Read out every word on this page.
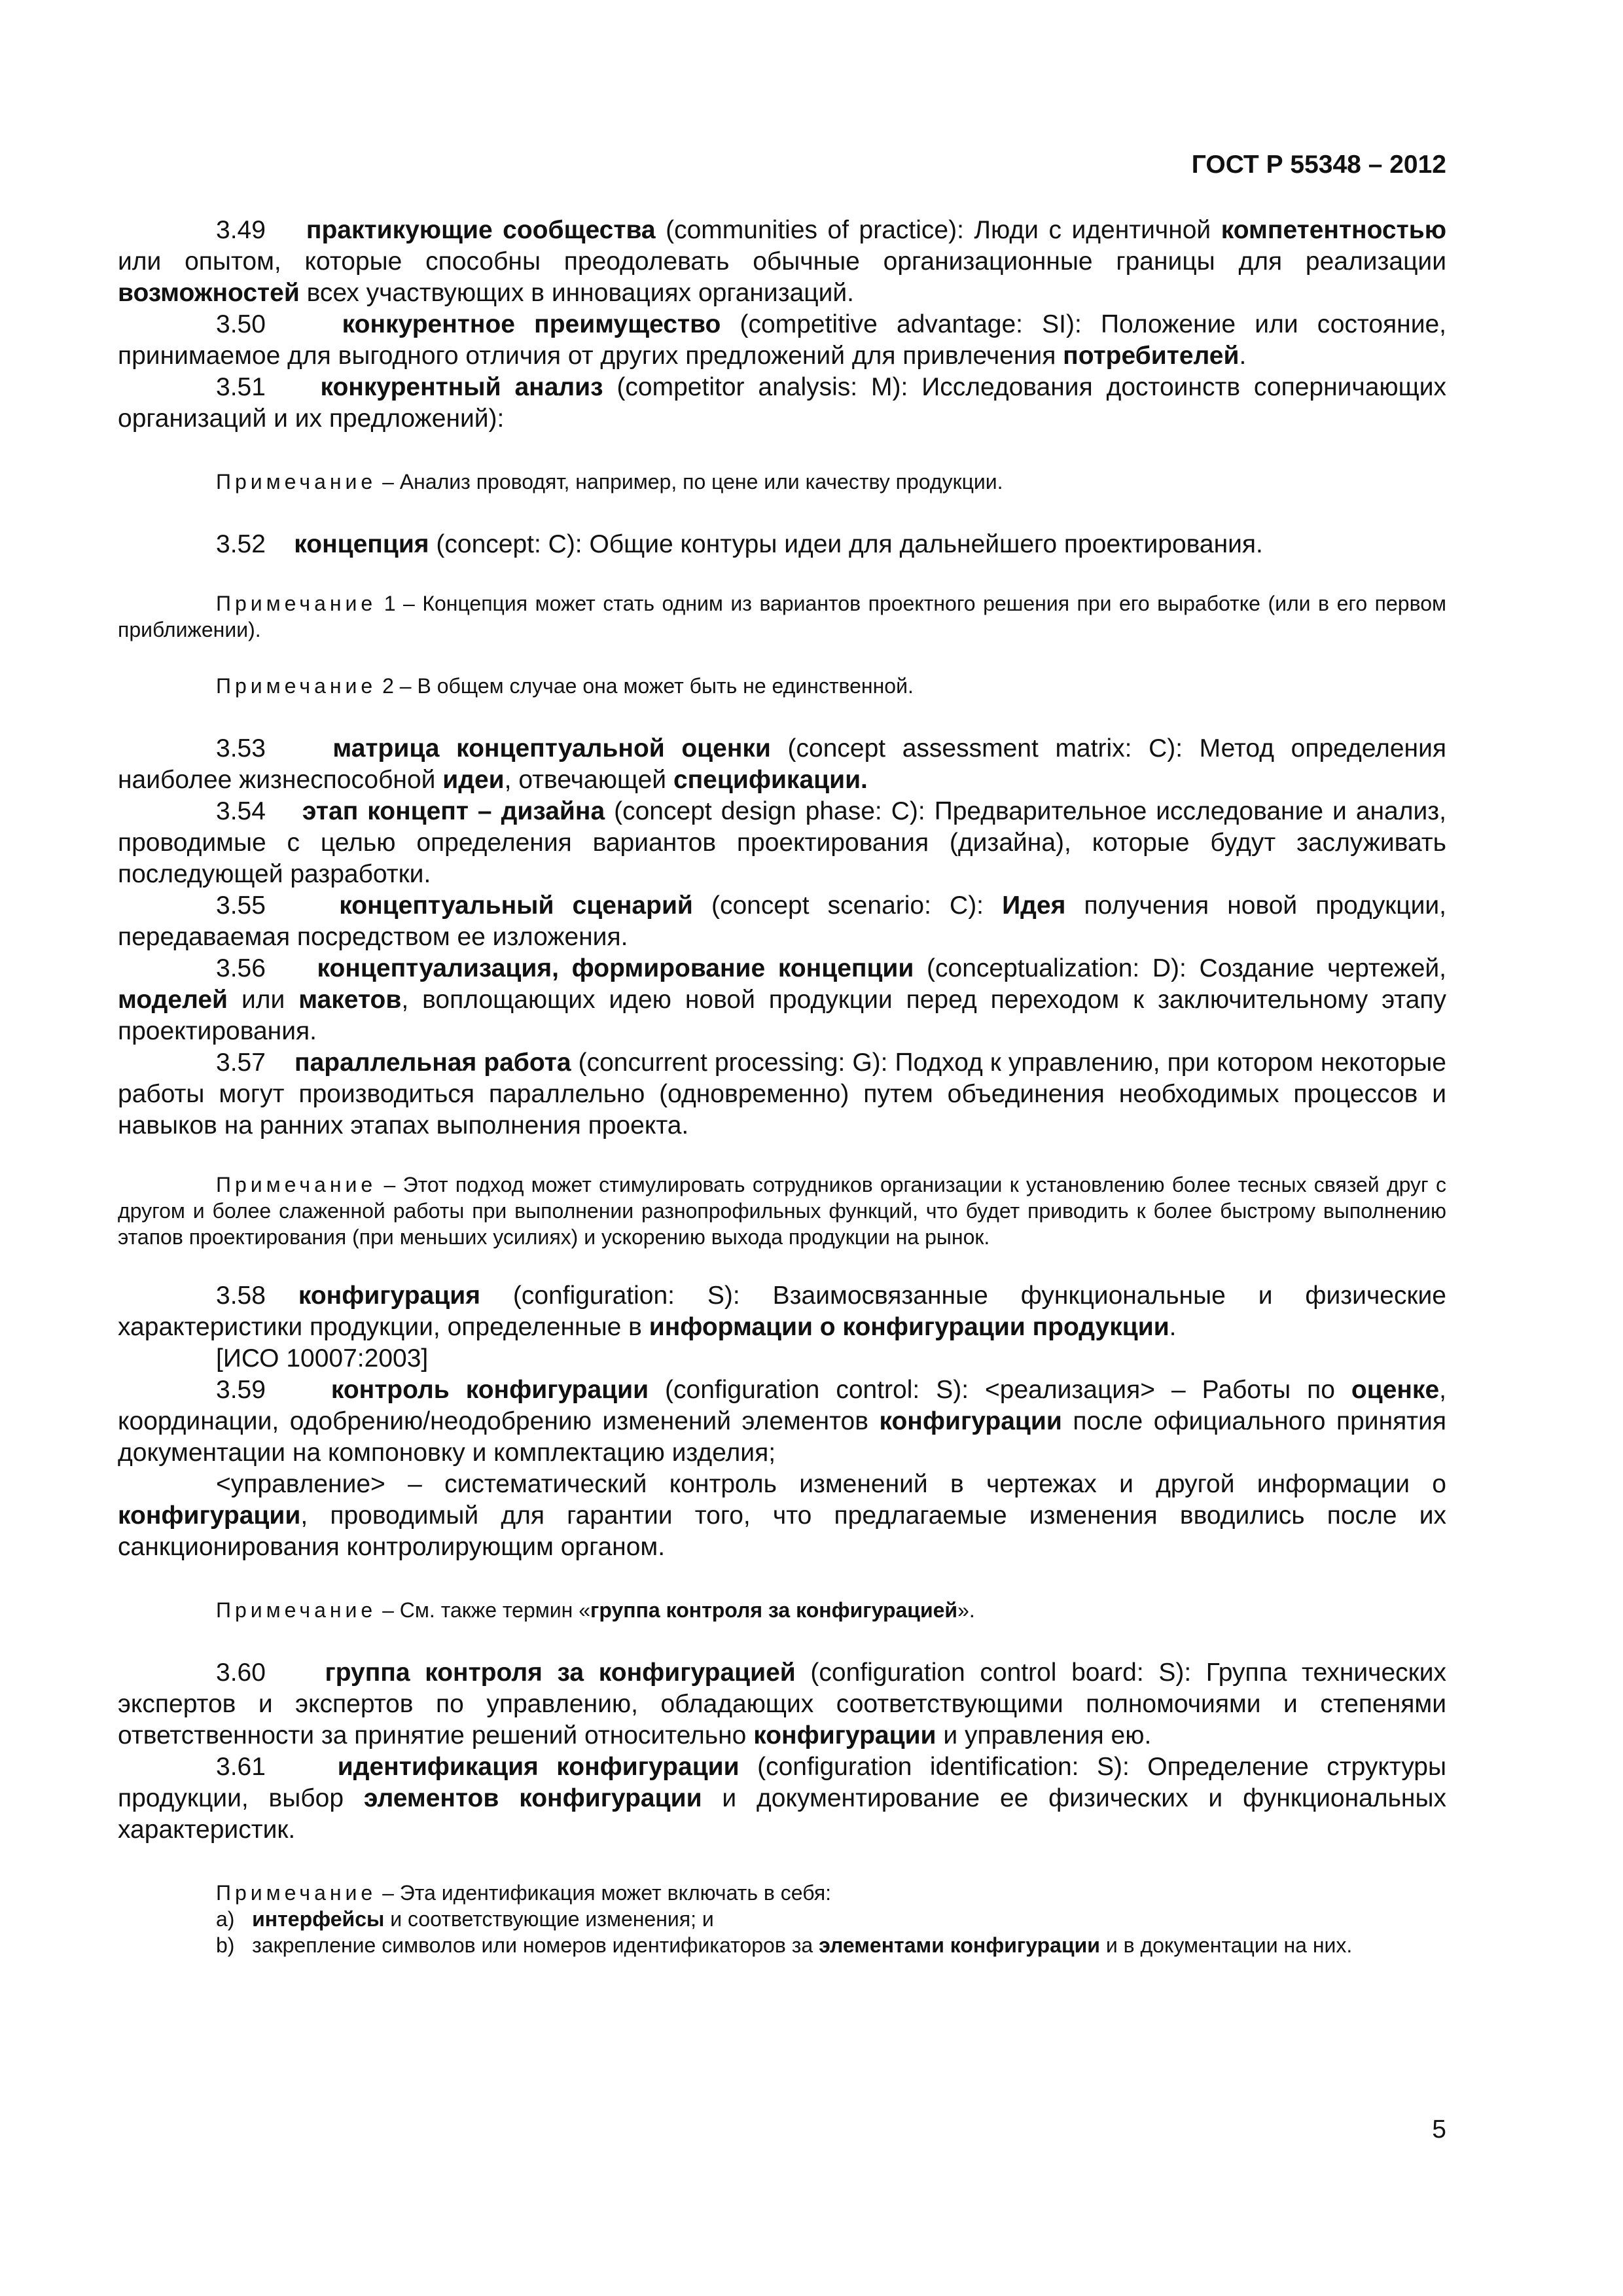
ГОСТ Р 55348 – 2012

3.49 практикующие сообщества (communities of practice): Люди с идентичной компетентностью или опытом, которые способны преодолевать обычные организационные границы для реализации возможностей всех участвующих в инновациях организаций.

3.50	конкурентное преимущество (competitive advantage: SI): Положение или состояние, принимаемое для выгодного отличия от других предложений для привлечения потребителей.

3.51 конкурентный анализ (competitor analysis: M): Исследования достоинств соперничающих организаций и их предложений):

Примечание – Анализ проводят, например, по цене или качеству продукции.

3.52 концепция (concept: C): Общие контуры идеи для дальнейшего проектирования.

Примечание 1 – Концепция может стать одним из вариантов проектного решения при его выработке (или в его первом приближении).

Примечание 2 – В общем случае она может быть не единственной.

3.53	матрица концептуальной оценки (concept assessment matrix: C): Метод определения наиболее жизнеспособной идеи, отвечающей спецификации.

3.54 этап концепт – дизайна (concept design phase: C): Предварительное исследование и анализ, проводимые с целью определения вариантов проектирования (дизайна), которые будут заслуживать последующей разработки.

3.55	концептуальный сценарий (concept scenario: C): Идея получения новой продукции, передаваемая посредством ее изложения.

3.56 концептуализация, формирование концепции (conceptualization: D): Создание чертежей, моделей или макетов, воплощающих идею новой продукции перед переходом к заключительному этапу проектирования.

3.57 параллельная работа (concurrent processing: G): Подход к управлению, при котором некоторые работы могут производиться параллельно (одновременно) путем объединения необходимых процессов и навыков на ранних этапах выполнения проекта.

Примечание – Этот подход может стимулировать сотрудников организации к установлению более тесных связей друг с другом и более слаженной работы при выполнении разнопрофильных функций, что будет приводить к более быстрому выполнению этапов проектирования (при меньших усилиях) и ускорению выхода продукции на рынок.

3.58 конфигурация (configuration: S): Взаимосвязанные функциональные и физические характеристики продукции, определенные в информации о конфигурации продукции.

[ИСО 10007:2003]

3.59	контроль конфигурации (configuration control: S): <реализация> – Работы по оценке, координации, одобрению/неодобрению изменений элементов конфигурации после официального принятия документации на компоновку и комплектацию изделия;

<управление> – систематический контроль изменений в чертежах и другой информации о конфигурации, проводимый для гарантии того, что предлагаемые изменения вводились после их санкционирования контролирующим органом.

Примечание – См. также термин «группа контроля за конфигурацией».

3.60 группа контроля за конфигурацией (configuration control board: S): Группа технических экспертов и экспертов по управлению, обладающих соответствующими полномочиями и степенями ответственности за принятие решений относительно конфигурации и управления ею.

3.61	идентификация конфигурации (configuration identification: S): Определение структуры продукции, выбор элементов конфигурации и документирование ее физических и функциональных характеристик.

Примечание – Эта идентификация может включать в себя:

а) интерфейсы и соответствующие изменения; и

b)   закрепление символов или номеров идентификаторов за элементами конфигурации и в документации на них.

5
